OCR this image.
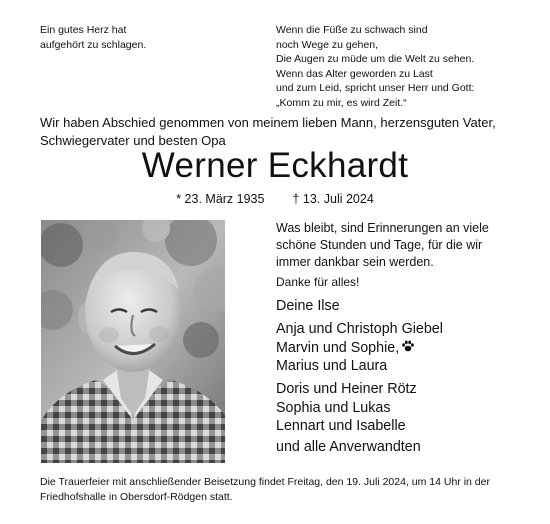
Ein gutes Herz hat
aufgehört zu schlagen.
Wenn die Füße zu schwach sind
noch Wege zu gehen,
Die Augen zu müde um die Welt zu sehen.
Wenn das Alter geworden zu Last
und zum Leid, spricht unser Herr und Gott:
„Komm zu mir, es wird Zeit.“
Wir haben Abschied genommen von meinem lieben Mann, herzensguten Vater, Schwiegervater und besten Opa
Werner Eckhardt
* 23. März 1935 † 13. Juli 2024
Was bleibt, sind Erinnerungen an viele
schöne Stunden und Tage, für die wir
immer dankbar sein werden.
Danke für alles!
Deine Ilse
Anja und Christoph Giebel
Marvin und Sophie,
Marius und Laura
Doris und Heiner Rötz
Sophia und Lukas
Lennart und Isabelle
und alle Anverwandten
Die Trauerfeier mit anschließender Beisetzung findet Freitag, den 19. Juli 2024, um 14 Uhr in der Friedhofshalle in Obersdorf-Rödgen statt.
